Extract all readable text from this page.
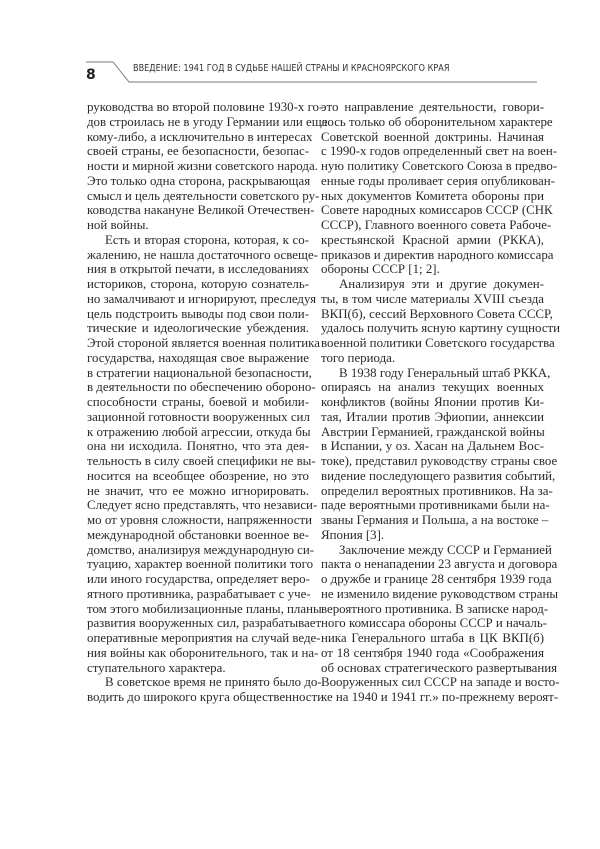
8	ВВЕДЕНИЕ: 1941 ГОД В СУДЬБЕ НАШЕЙ СТРАНЫ И КРАСНОЯРСКОГО КРАЯ
руководства во второй половине 1930-х го-
дов строилась не в угоду Германии или еще
кому-либо, а исключительно в интересах
своей страны, ее безопасности, безопас-
ности и мирной жизни советского народа.
Это только одна сторона, раскрывающая
смысл и цель деятельности советского ру-
ководства накануне Великой Отечествен-
ной войны.
Есть и вторая сторона, которая, к со-
жалению, не нашла достаточного освеще-
ния в открытой печати, в исследованиях
историков, сторона, которую сознатель-
но замалчивают и игнорируют, преследуя
цель подстроить выводы под свои поли-
тические и идеологические убеждения.
Этой стороной является военная политика
государства, находящая свое выражение
в стратегии национальной безопасности,
в деятельности по обеспечению обороно-
способности страны, боевой и мобили-
зационной готовности вооруженных сил
к отражению любой агрессии, откуда бы
она ни исходила. Понятно, что эта дея-
тельность в силу своей специфики не вы-
носится на всеобщее обозрение, но это
не значит, что ее можно игнорировать.
Следует ясно представлять, что независи-
мо от уровня сложности, напряженности
международной обстановки военное ве-
домство, анализируя международную си-
туацию, характер военной политики того
или иного государства, определяет веро-
ятного противника, разрабатывает с уче-
том этого мобилизационные планы, планы
развития вооруженных сил, разрабатывает
оперативные мероприятия на случай веде-
ния войны как оборонительного, так и на-
ступательного характера.
В советское время не принято было до-
водить до широкого круга общественности
это направление деятельности, говори-
лось только об оборонительном характере
Советской военной доктрины. Начиная
с 1990-х годов определенный свет на воен-
ную политику Советского Союза в предво-
енные годы проливает серия опубликован-
ных документов Комитета обороны при
Совете народных комиссаров СССР (СНК
СССР), Главного военного совета Рабоче-
крестьянской Красной армии (РККА),
приказов и директив народного комиссара
обороны СССР [1; 2].
Анализируя эти и другие докумен-
ты, в том числе материалы XVIII съезда
ВКП(б), сессий Верховного Совета СССР,
удалось получить ясную картину сущности
военной политики Советского государства
того периода.
В 1938 году Генеральный штаб РККА,
опираясь на анализ текущих военных
конфликтов (войны Японии против Ки-
тая, Италии против Эфиопии, аннексии
Австрии Германией, гражданской войны
в Испании, у оз. Хасан на Дальнем Вос-
токе), представил руководству страны свое
видение последующего развития событий,
определил вероятных противников. На за-
паде вероятными противниками были на-
званы Германия и Польша, а на востоке –
Япония [3].
Заключение между СССР и Германией
пакта о ненападении 23 августа и договора
о дружбе и границе 28 сентября 1939 года
не изменило видение руководством страны
вероятного противника. В записке народ-
ного комиссара обороны СССР и началь-
ника Генерального штаба в ЦК ВКП(б)
от 18 сентября 1940 года «Соображения
об основах стратегического развертывания
Вооруженных сил СССР на западе и восто-
ке на 1940 и 1941 гг.» по-прежнему вероят-
